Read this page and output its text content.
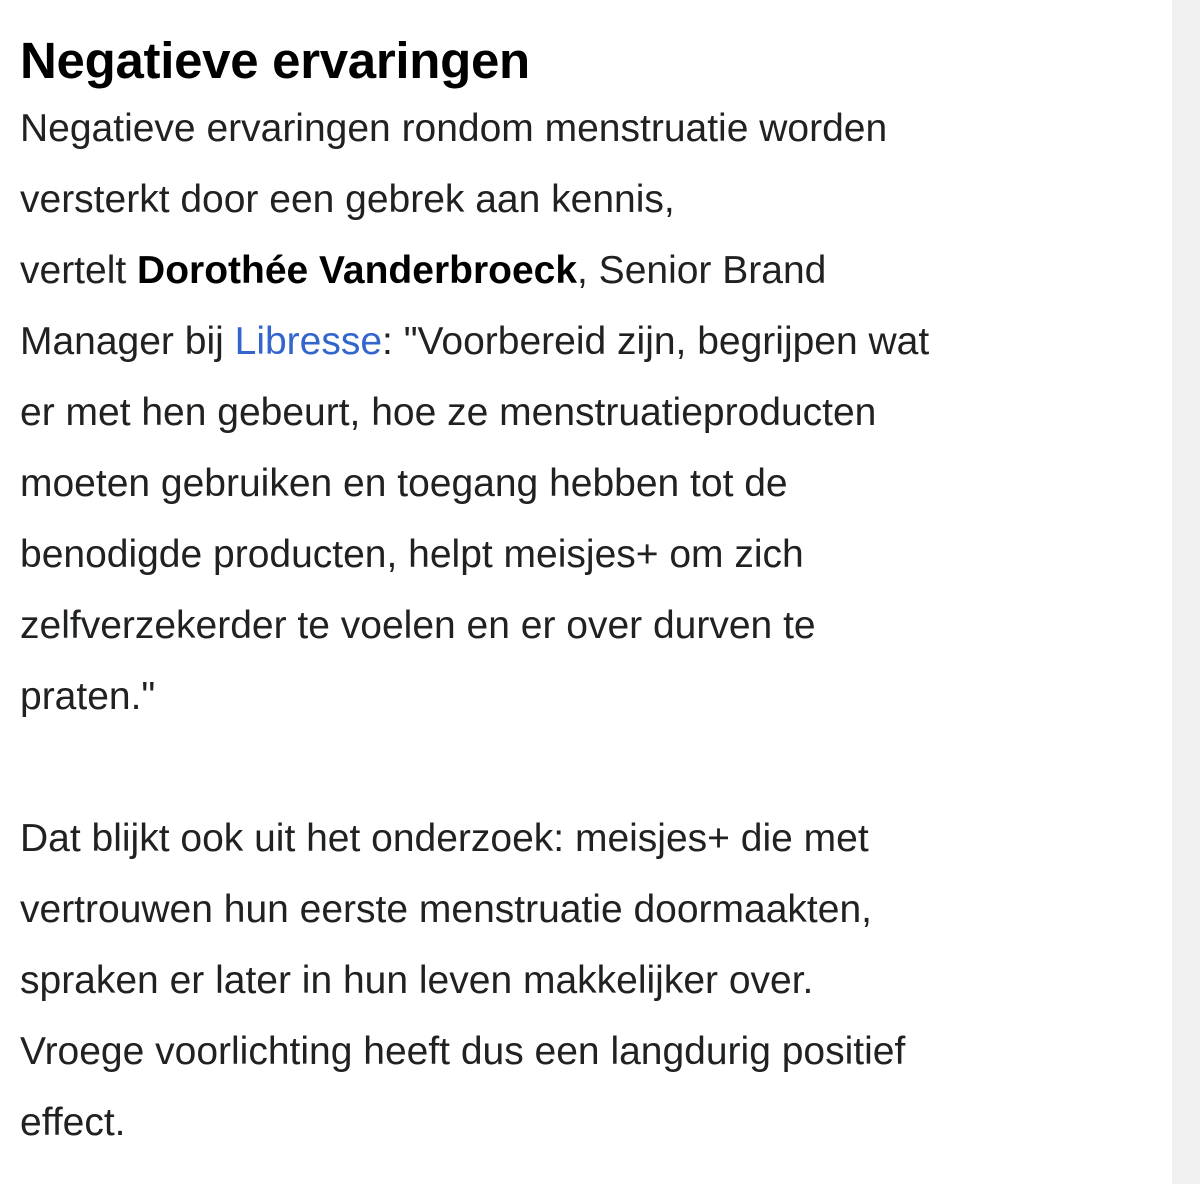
Negatieve ervaringen

Negatieve ervaringen rondom menstruatie worden
versterkt door een gebrek aan kennis,
vertelt Dorothée Vanderbroeck, Senior Brand
Manager bij Libresse: "Voorbereid zijn, begrijpen wat
er met hen gebeurt, hoe ze menstruatieproducten
moeten gebruiken en toegang hebben tot de
benodigde producten, helpt meisjes+ om zich
zelfverzekerder te voelen en er over durven te
praten."

Dat blijkt ook uit het onderzoek: meisjes+ die met
vertrouwen hun eerste menstruatie doormaakten,
spraken er later in hun leven makkelijker over.
Vroege voorlichting heeft dus een langdurig positief
effect.
